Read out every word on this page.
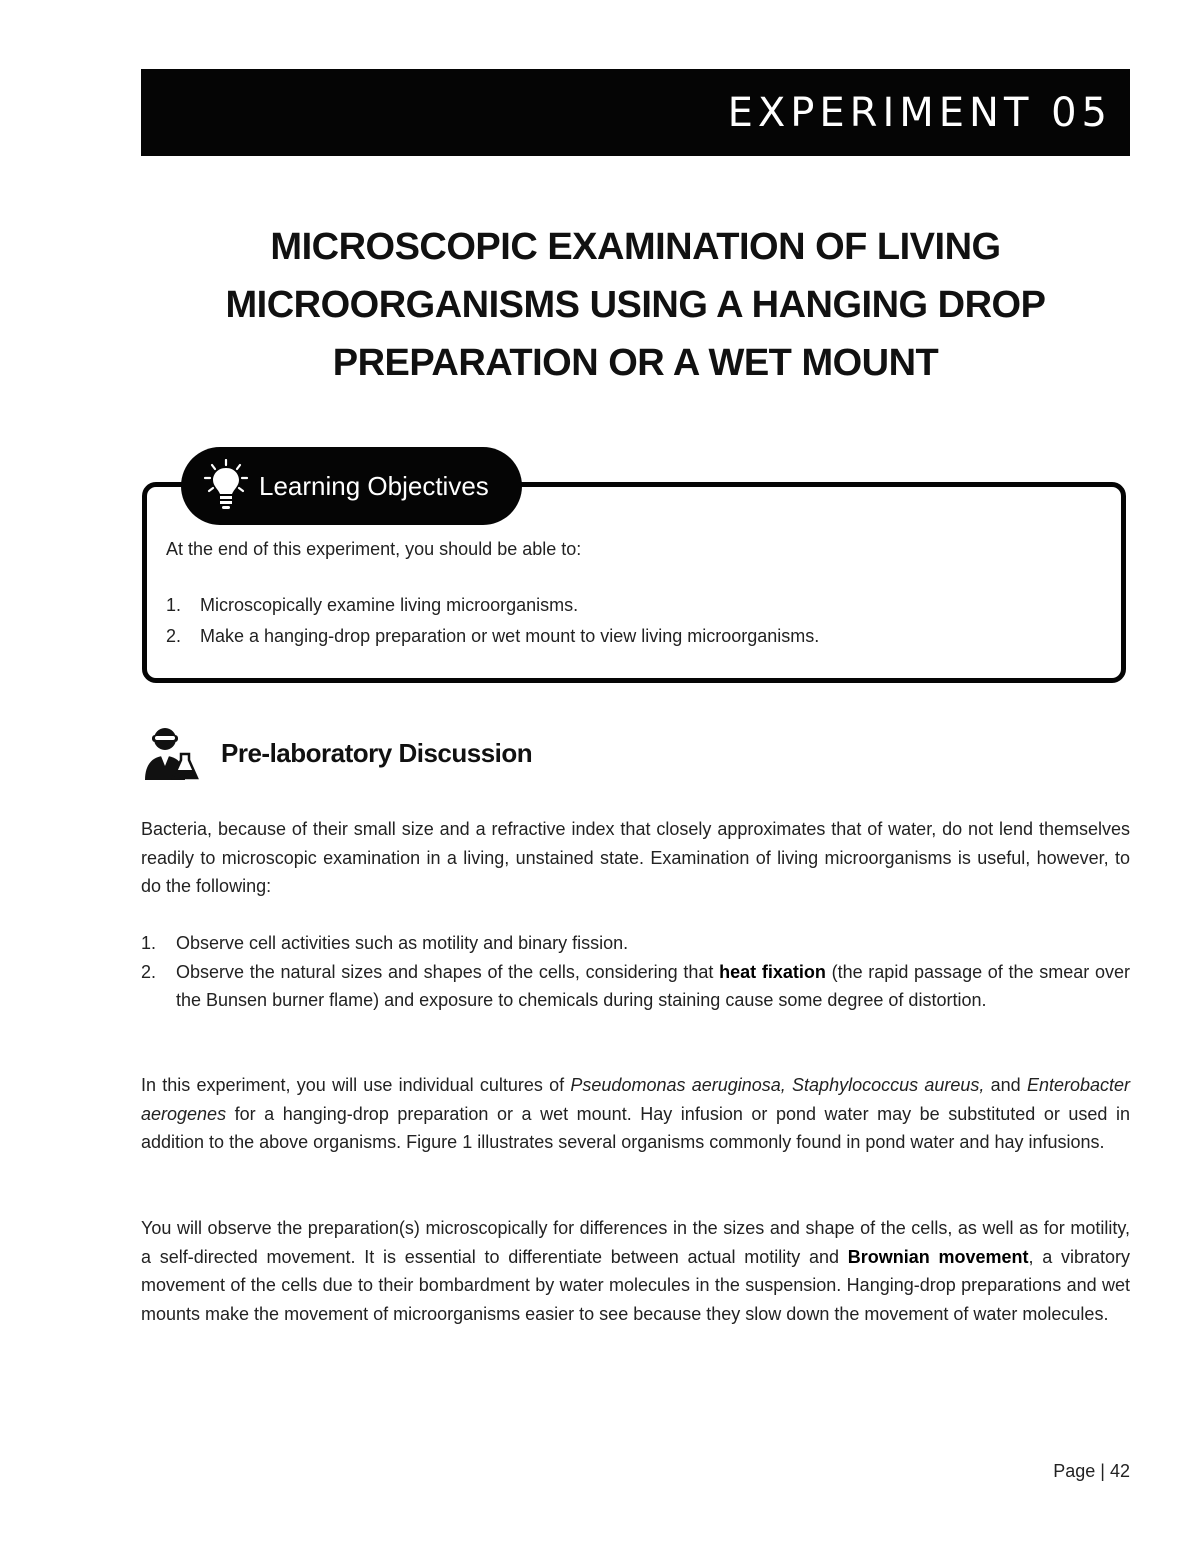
EXPERIMENT 05
MICROSCOPIC EXAMINATION OF LIVING
MICROORGANISMS USING A HANGING DROP
PREPARATION OR A WET MOUNT
Learning Objectives
At the end of this experiment, you should be able to:
1.	Microscopically examine living microorganisms.
2.	Make a hanging-drop preparation or wet mount to view living microorganisms.
Pre-laboratory Discussion

Bacteria, because of their small size and a refractive index that closely approximates that of water, do not lend themselves readily to microscopic examination in a living, unstained state. Examination of living microorganisms is useful, however, to do the following:

1.	Observe cell activities such as motility and binary fission.
2.	Observe the natural sizes and shapes of the cells, considering that heat fixation (the rapid passage of the smear over the Bunsen burner flame) and exposure to chemicals during staining cause some degree of distortion.

In this experiment, you will use individual cultures of Pseudomonas aeruginosa, Staphylococcus aureus, and Enterobacter aerogenes for a hanging-drop preparation or a wet mount. Hay infusion or pond water may be substituted or used in addition to the above organisms. Figure 1 illustrates several organisms commonly found in pond water and hay infusions.

You will observe the preparation(s) microscopically for differences in the sizes and shape of the cells, as well as for motility, a self-directed movement. It is essential to differentiate between actual motility and Brownian movement, a vibratory movement of the cells due to their bombardment by water molecules in the suspension. Hanging-drop preparations and wet mounts make the movement of microorganisms easier to see because they slow down the movement of water molecules.

Page | 42
